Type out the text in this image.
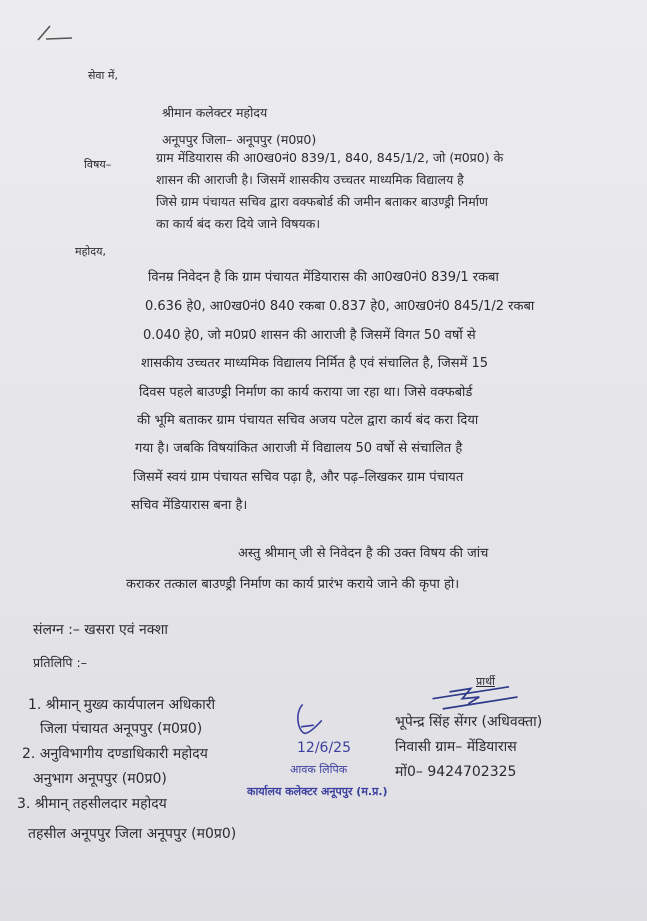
सेवा में,
श्रीमान कलेक्टर महोदय
अनूपपुर जिला– अनूपपुर (म0प्र0)
विषय–	ग्राम मेंडियारास की आ0ख0नं0 839/1, 840, 845/1/2, जो (म0प्र0) के
शासन की आराजी है। जिसमें शासकीय उच्चतर माध्यमिक विद्यालय है
जिसे ग्राम पंचायत सचिव द्वारा वक्फबोर्ड की जमीन बताकर बाउण्ड्री निर्माण
का कार्य बंद करा दिये जाने विषयक।
महोदय,
विनम्र निवेदन है कि ग्राम पंचायत मेंडियारास की आ0ख0नं0 839/1 रकबा
0.636 हे0, आ0ख0नं0 840 रकबा 0.837 हे0, आ0ख0नं0 845/1/2 रकबा
0.040 हे0, जो म0प्र0 शासन की आराजी है जिसमें विगत 50 वर्षो से
शासकीय उच्चतर माध्यमिक विद्यालय निर्मित है एवं संचालित है, जिसमें 15
दिवस पहले बाउण्ड्री निर्माण का कार्य कराया जा रहा था। जिसे वक्फबोर्ड
की भूमि बताकर ग्राम पंचायत सचिव अजय पटेल द्वारा कार्य बंद करा दिया
गया है। जबकि विषयांकित आराजी में विद्यालय 50 वर्षो से संचालित है
जिसमें स्वयं ग्राम पंचायत सचिव पढ़ा है, और पढ़–लिखकर ग्राम पंचायत
सचिव मेंडियारास बना है।
अस्तु श्रीमान् जी से निवेदन है की उक्त विषय की जांच
कराकर तत्काल बाउण्ड्री निर्माण का कार्य प्रारंभ कराये जाने की कृपा हो।
संलग्न :– खसरा एवं नक्शा
प्रतिलिपि :–
1. श्रीमान् मुख्य कार्यपालन अधिकारी
जिला पंचायत अनूपपुर (म0प्र0)
2. अनुविभागीय दण्डाधिकारी महोदय
अनुभाग अनूपपुर (म0प्र0)
3. श्रीमान् तहसीलदार महोदय
तहसील अनूपपुर जिला अनूपपुर (म0प्र0)
प्रार्थी
भूपेन्द्र सिंह सेंगर (अधिवक्ता)
निवासी ग्राम– मेंडियारास
मों0– 9424702325
12/6/25
आवक लिपिक
कार्यालय कलेक्टर अनूपपुर (म.प्र.)
